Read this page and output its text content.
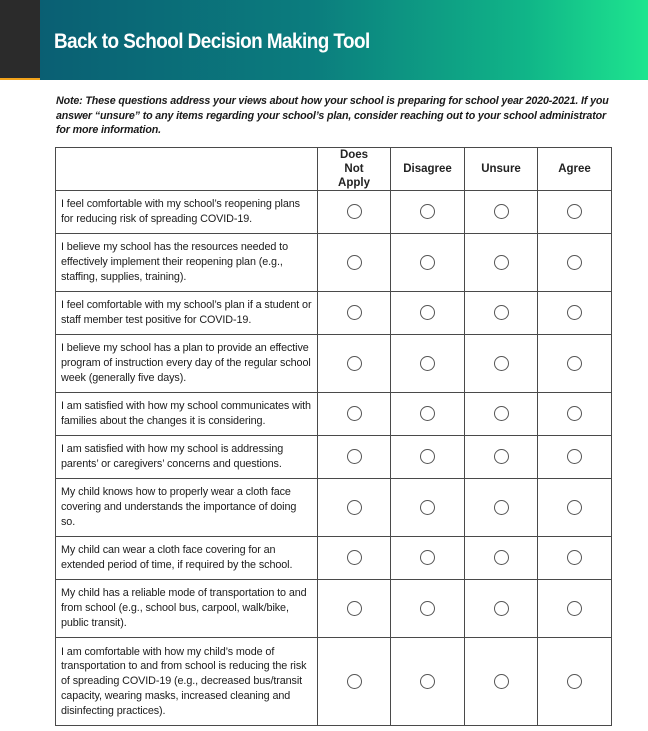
Back to School Decision Making Tool
Note: These questions address your views about how your school is preparing for school year 2020-2021. If you answer “unsure” to any items regarding your school’s plan, consider reaching out to your school administrator for more information.
	Does Not Apply	Disagree	Unsure	Agree
I feel comfortable with my school’s reopening plans for reducing risk of spreading COVID-19.				
I believe my school has the resources needed to effectively implement their reopening plan (e.g., staffing, supplies, training).				
I feel comfortable with my school’s plan if a student or staff member test positive for COVID-19.				
I believe my school has a plan to provide an effective program of instruction every day of the regular school week (generally five days).				
I am satisfied with how my school communicates with families about the changes it is considering.				
I am satisfied with how my school is addressing parents’ or caregivers’ concerns and questions.				
My child knows how to properly wear a cloth face covering and understands the importance of doing so.				
My child can wear a cloth face covering for an extended period of time, if required by the school.				
My child has a reliable mode of transportation to and from school (e.g., school bus, carpool, walk/bike, public transit).				
I am comfortable with how my child’s mode of transportation to and from school is reducing the risk of spreading COVID-19 (e.g., decreased bus/transit capacity, wearing masks, increased cleaning and disinfecting practices).				
